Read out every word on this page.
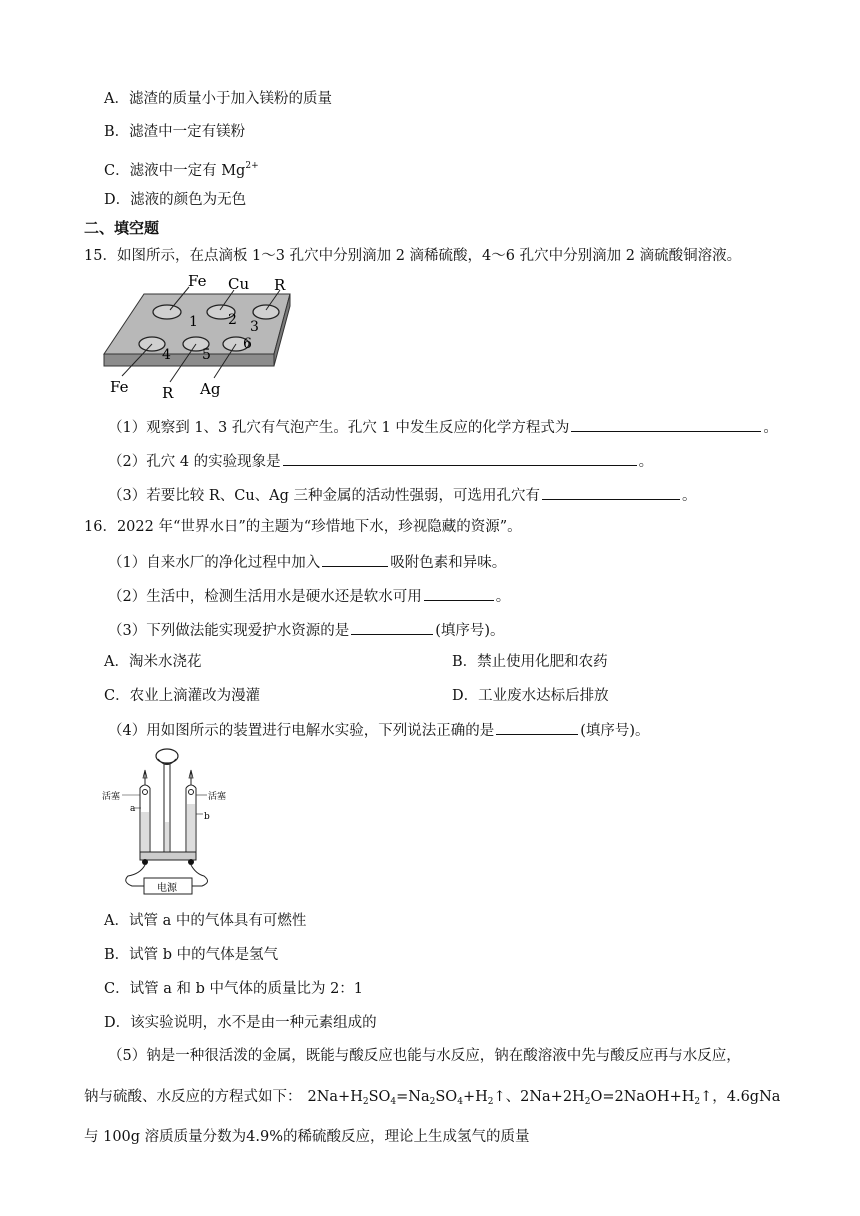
A．滤渣的质量小于加入镁粉的质量
B．滤渣中一定有镁粉
C．滤液中一定有 $Mg^{2+}$
D．滤液的颜色为无色
二、填空题
15．如图所示，在点滴板 1～3 孔穴中分别滴加 2 滴稀硫酸，4～6 孔穴中分别滴加 2 滴硫酸铜溶液。
Fe Cu R
1 2 3
4 5
6
Fe R Ag
（1）观察到 1、3 孔穴有气泡产生。孔穴 1 中发生反应的化学方程式为	。
（2）孔穴 4 的实验现象是	。
（3）若要比较 R、Cu、Ag 三种金属的活动性强弱，可选用孔穴有	。
16．2022 年“世界水日”的主题为“珍惜地下水，珍视隐藏的资源”。
（1）自来水厂的净化过程中加入	吸附色素和异味。
（2）生活中，检测生活用水是硬水还是软水可用	。
（3）下列做法能实现爱护水资源的是	(填序号)。
A．淘米水浇花	B．禁止使用化肥和农药
C．农业上滴灌改为漫灌	D．工业废水达标后排放
（4）用如图所示的装置进行电解水实验，下列说法正确的是	(填序号)。
电源
活塞
a
活塞
b
A．试管 a 中的气体具有可燃性
B．试管 b 中的气体是氢气
C．试管 a 和 b 中气体的质量比为 2：1
D．该实验说明，水不是由一种元素组成的
（5）钠是一种很活泼的金属，既能与酸反应也能与水反应，钠在酸溶液中先与酸反应再与水反应，
钠与硫酸、水反应的方程式如下： $2Na+H_2SO_4=Na_2SO_4+H_2↑$、$2Na+2H_2O=2NaOH+H_2↑$，4.6gNa
与 100g 溶质质量分数为4.9%的稀硫酸反应，理论上生成氢气的质量
